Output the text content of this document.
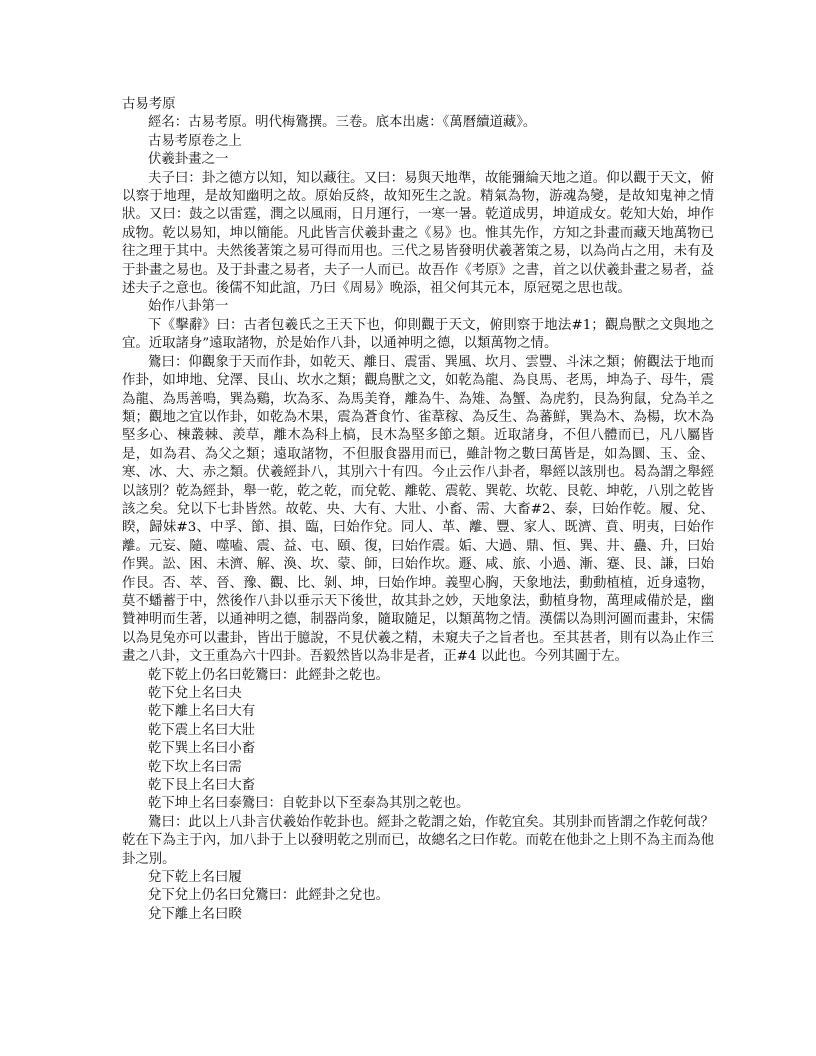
古易考原

經名：古易考原。明代梅鷟撰。三卷。底本出處：《萬曆續道藏》。

古易考原卷之上

伏羲卦畫之一

夫子曰：卦之德方以知，知以藏往。又曰：易與天地準，故能彌綸天地之道。仰以觀于天文，俯以察于地理，是故知幽明之故。原始反終，故知死生之說。精氣為物，游魂為變，是故知鬼神之情狀。又曰：鼓之以雷霆，潤之以風雨，日月運行，一寒一暑。乾道成男，坤道成女。乾知大始，坤作成物。乾以易知，坤以簡能。凡此皆言伏羲卦畫之《易》也。惟其先作，方知之卦畫而藏天地萬物已往之理于其中。夫然後著策之易可得而用也。三代之易皆發明伏羲著策之易，以為尚占之用，未有及于卦畫之易也。及于卦畫之易者，夫子一人而已。故吾作《考原》之書，首之以伏羲卦畫之易者，益述夫子之意也。後儒不知此誼，乃曰《周易》晚添，祖父何其元本，原冠冕之思也哉。

始作八卦第一

下《擊辭》曰：古者包羲氏之王天下也，仰則觀于天文，俯則察于地法#1；觀鳥獸之文與地之宜。近取諸身”遠取諸物，於是始作八卦，以通神明之德，以類萬物之情。

鷟曰：仰觀象于天而作卦，如乾天、離日、震雷、巽風、坎月、雲豐、斗沫之類；俯觀法于地而作卦，如坤地、兌澤、艮山、坎水之類；觀鳥獸之文，如乾為龍、為良馬、老馬，坤為子、母牛，震為龍、為馬善鳴，巽為鷄，坎為豕、為馬美脊，離為牛、為雉、為蟹、為虎豹，艮為狗鼠，兌為羊之類；觀地之宜以作卦，如乾為木果，震為蒼食竹、雀葦稼、為反生、為蕃鮮，巽為木、為楊，坎木為堅多心、棟叢棘、羨草，離木為科上槁，艮木為堅多節之類。近取諸身，不但八體而已，凡八屬皆是，如為君、為父之類；遠取諸物，不但服食器用而已，雖計物之數曰萬皆是，如為圜、玉、金、寒、冰、大、赤之類。伏羲經卦八，其別六十有四。今止云作八卦者，舉經以該別也。曷為謂之舉經以該別？乾為經卦，舉一乾，乾之乾，而兌乾、離乾、震乾、巽乾、坎乾、艮乾、坤乾，八別之乾皆該之矣。兌以下七卦皆然。故乾、央、大有、大壯、小畜、需、大畜#2、泰，曰始作乾。履、兌、睽，歸妹#3、中孚、節、損、臨，曰始作兌。同人、革、離、豐、家人、既濟、賁、明夷，曰始作離。元妄、隨、噬嗑、震、益、屯、頤、復，曰始作震。姤、大過、鼎、恒、巽、井、蠱、升，曰始作巽。訟、困、未濟、解、渙、坎、蒙、師，曰始作坎。遯、咸、旅、小過、漸、蹇、艮、謙，曰始作艮。否、萃、晉、豫、觀、比、剝、坤，曰始作坤。義聖心胸，天象地法，動動植植，近身遠物，莫不蟠蓄于中，然後作八卦以垂示天下後世，故其卦之妙，天地象法，動植身物，萬理咸備於是，幽贊神明而生著，以通神明之德，制器尚象，隨取隨足，以類萬物之情。漢儒以為則河圖而畫卦，宋儒以為見兔亦可以畫卦，皆出于臆說，不見伏羲之精，未窺夫子之旨者也。至其甚者，則有以為止作三畫之八卦，文王重為六十四卦。吾毅然皆以為非是者，正#4 以此也。今列其圖于左。

乾下乾上仍名曰乾鷟曰：此經卦之乾也。

乾下兌上名曰夬

乾下離上名曰大有

乾下震上名曰大壯

乾下巽上名曰小畜

乾下坎上名曰需

乾下艮上名曰大畜

乾下坤上名曰泰鷟曰：自乾卦以下至泰為其別之乾也。

鷟曰：此以上八卦言伏羲始作乾卦也。經卦之乾謂之始，作乾宜矣。其別卦而皆謂之作乾何哉？乾在下為主于內，加八卦于上以發明乾之別而已，故總名之曰作乾。而乾在他卦之上則不為主而為他卦之別。

兌下乾上名曰履

兌下兌上仍名曰兌鷟曰：此經卦之兌也。

兌下離上名曰睽
